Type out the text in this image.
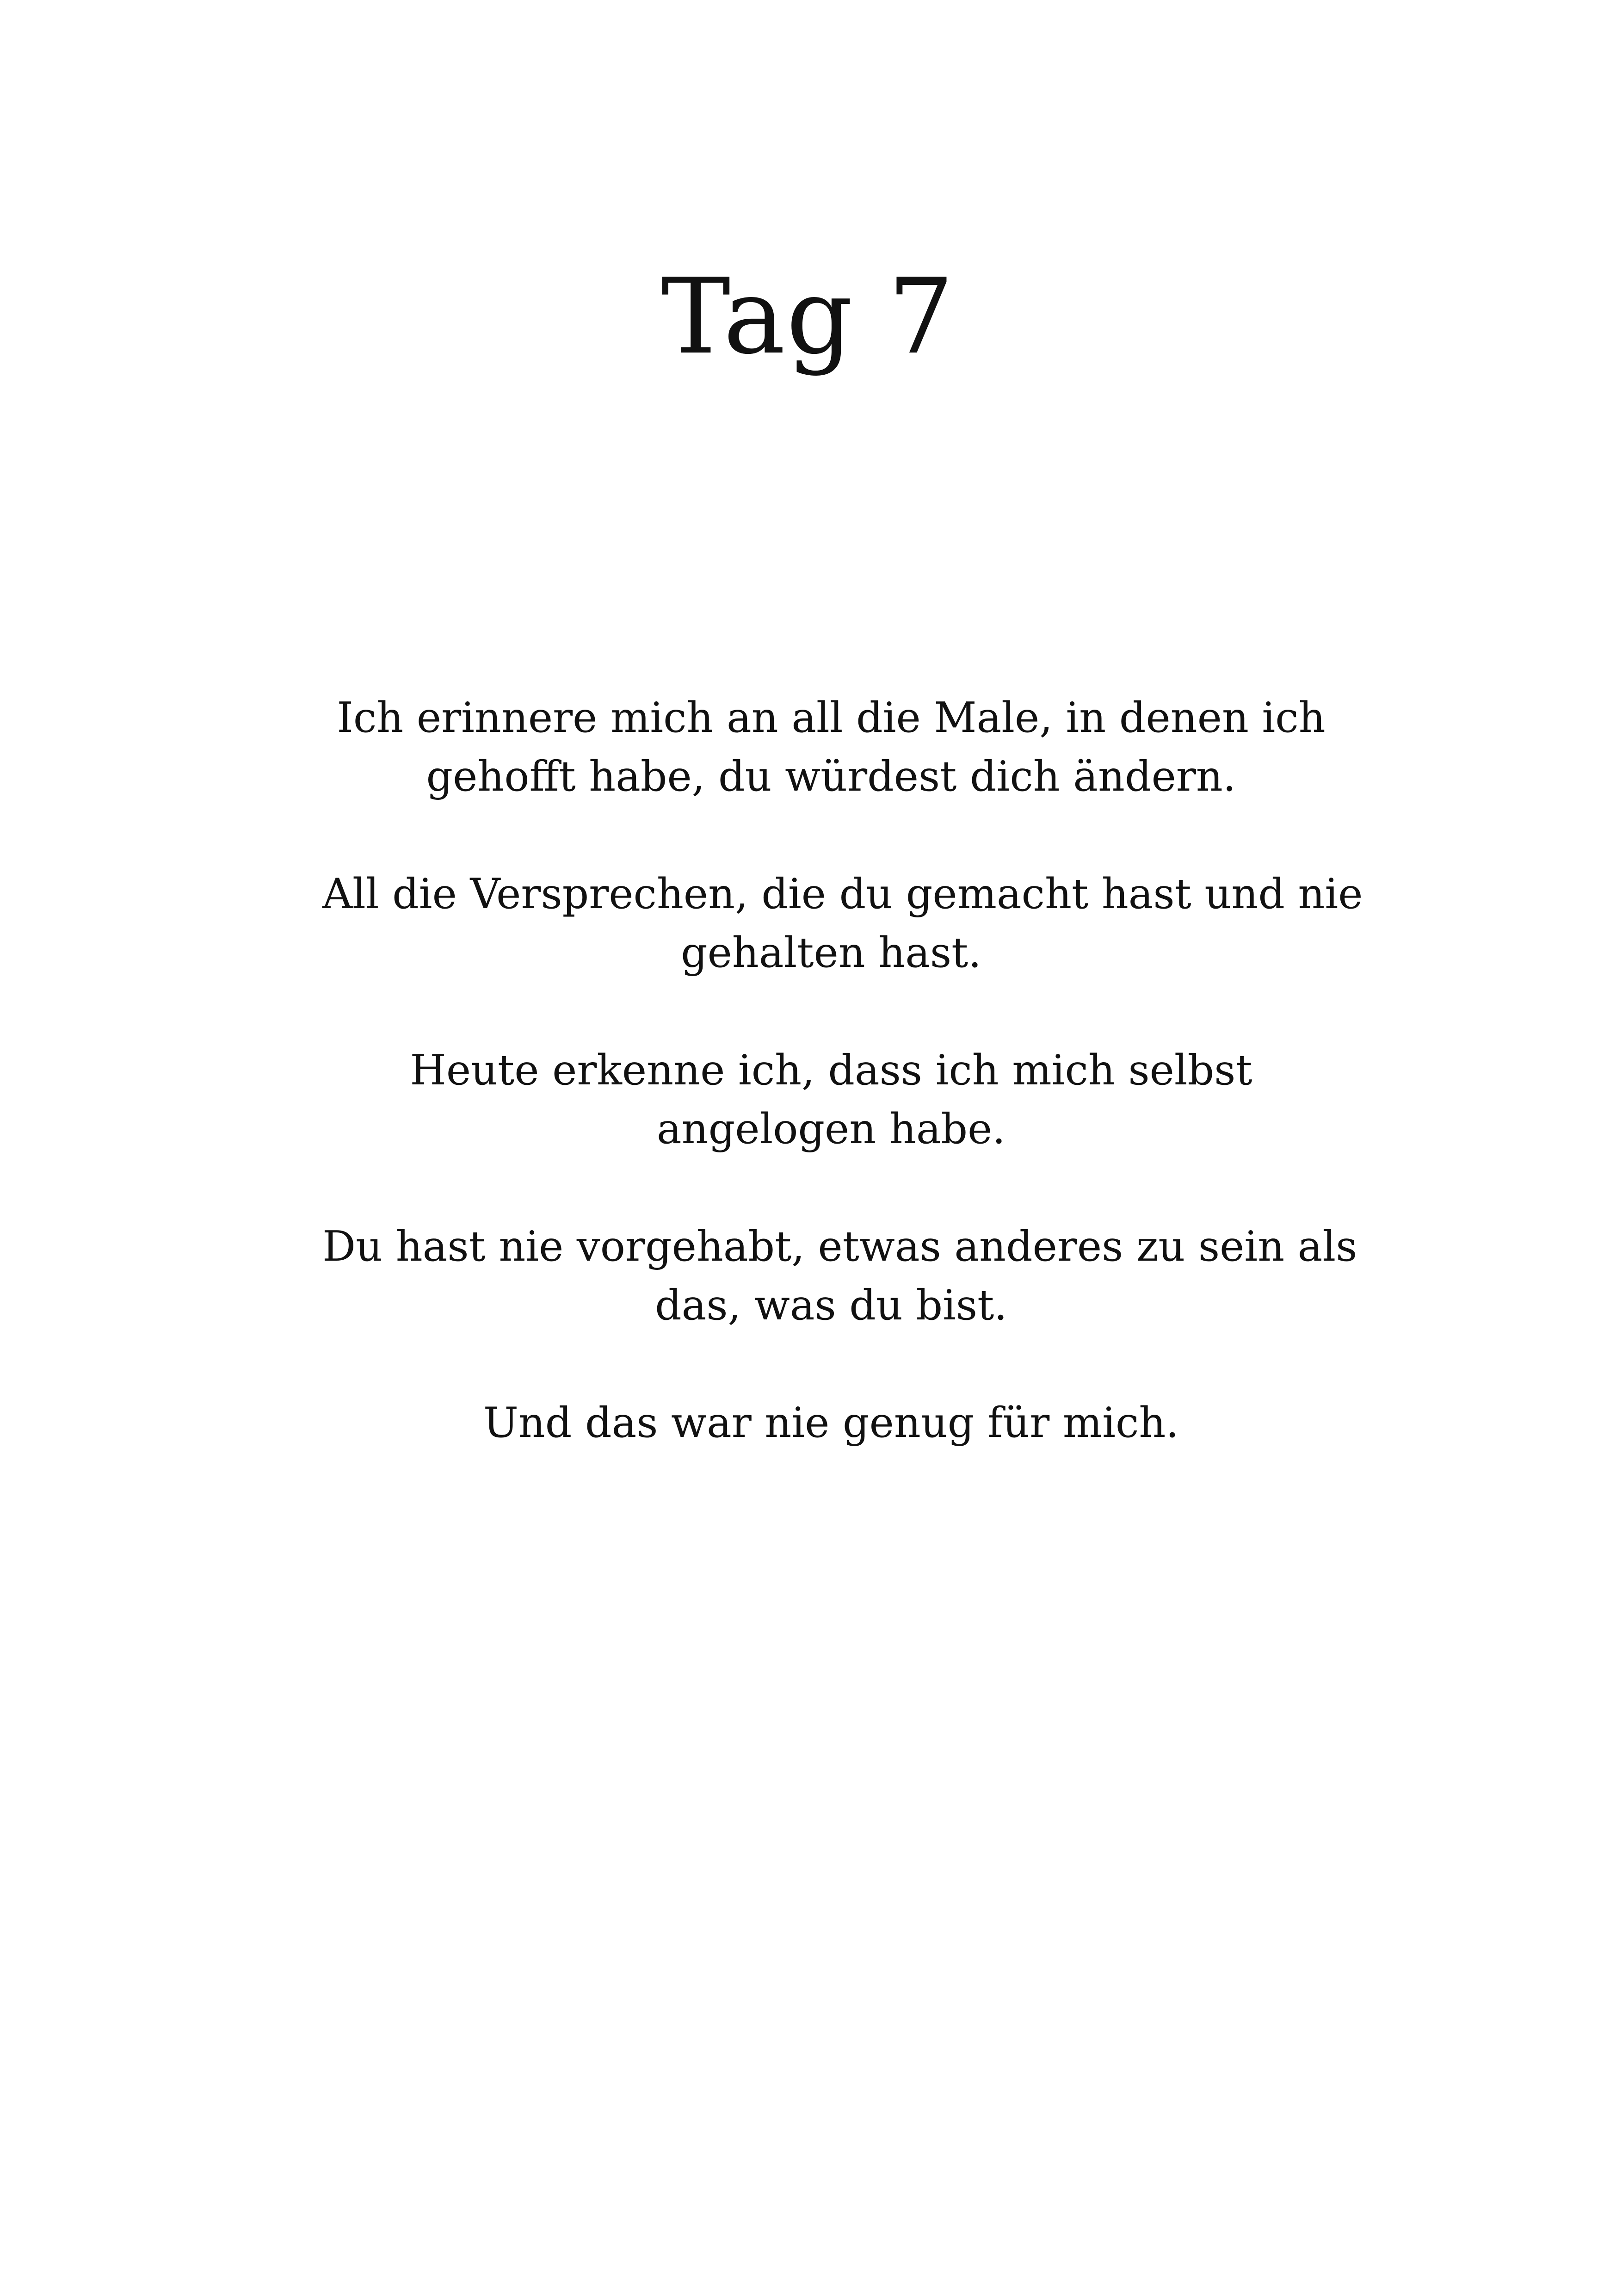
Tag 7

Ich erinnere mich an all die Male, in denen ich
gehofft habe, du würdest dich ändern.

All die Versprechen, die du gemacht hast und nie
gehalten hast.

Heute erkenne ich, dass ich mich selbst
angelogen habe.

Du hast nie vorgehabt, etwas anderes zu sein als
das, was du bist.

Und das war nie genug für mich.
